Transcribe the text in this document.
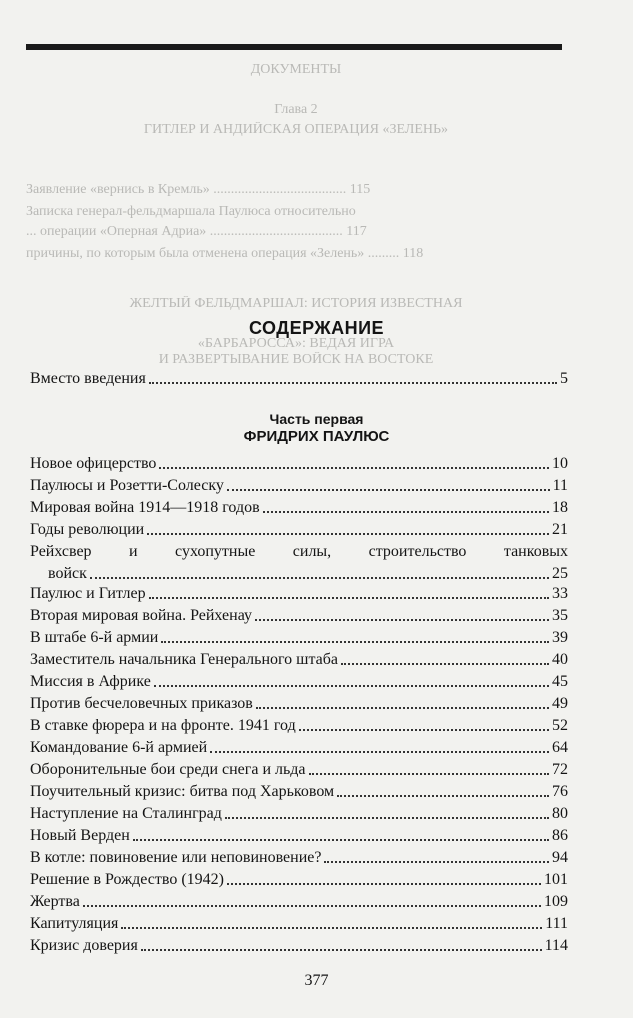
ДОКУМЕНТЫ
Глава 2
ГИТЛЕР И АНДИЙСКАЯ ОПЕРАЦИЯ «ЗЕЛЕНЬ»
Заявление «вернись в Кремль» ...................................... 115
Записка генерал-фельдмаршала Паулюса относительно
... операции «Оперная Адриа» ...................................... 117
причины, по которым была отменена операция «Зелень» ......... 118
ЖЕЛТЫЙ ФЕЛЬДМАРШАЛ: ИСТОРИЯ ИЗВЕСТНАЯ
«БАРБАРОССА»: ВЕДАЯ ИГРА
И РАЗВЕРТЫВАНИЕ ВОЙСК НА ВОСТОКЕ
СОДЕРЖАНИЕ
Вместо введения	5
Часть первая
ФРИДРИХ ПАУЛЮС
Новое офицерство	10
Паулюсы и Розетти-Солеску	11
Мировая война 1914—1918 годов	18
Годы революции	21
Рейхсвер и сухопутные силы, строительство танковых
войск	25
Паулюс и Гитлер	33
Вторая мировая война. Рейхенау	35
В штабе 6-й армии	39
Заместитель начальника Генерального штаба	40
Миссия в Африке	45
Против бесчеловечных приказов	49
В ставке фюрера и на фронте. 1941 год	52
Командование 6-й армией	64
Оборонительные бои среди снега и льда	72
Поучительный кризис: битва под Харьковом	76
Наступление на Сталинград	80
Новый Верден	86
В котле: повиновение или неповиновение?	94
Решение в Рождество (1942)	101
Жертва	109
Капитуляция	111
Кризис доверия	114
377
